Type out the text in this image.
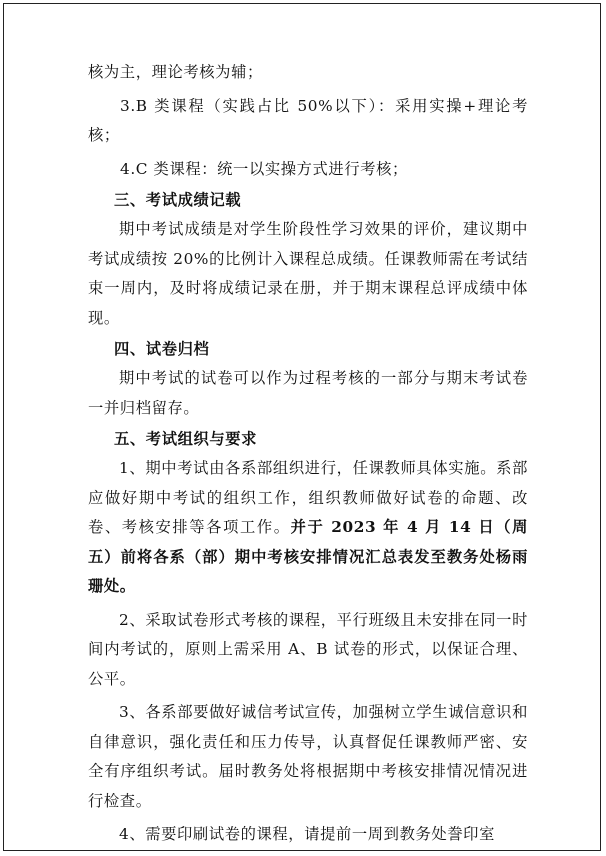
核为主，理论考核为辅；

3.B 类课程（实践占比 50%以下）：采用实操+理论考核；

4.C 类课程：统一以实操方式进行考核；

三、考试成绩记载

期中考试成绩是对学生阶段性学习效果的评价，建议期中考试成绩按 20%的比例计入课程总成绩。任课教师需在考试结束一周内，及时将成绩记录在册，并于期末课程总评成绩中体现。

四、试卷归档

期中考试的试卷可以作为过程考核的一部分与期末考试卷一并归档留存。

五、考试组织与要求

1、期中考试由各系部组织进行，任课教师具体实施。系部应做好期中考试的组织工作，组织教师做好试卷的命题、改卷、考核安排等各项工作。并于 2023 年 4 月 14 日（周五）前将各系（部）期中考核安排情况汇总表发至教务处杨雨珊处。

2、采取试卷形式考核的课程，平行班级且未安排在同一时间内考试的，原则上需采用 A、B 试卷的形式，以保证合理、公平。

3、各系部要做好诚信考试宣传，加强树立学生诚信意识和自律意识，强化责任和压力传导，认真督促任课教师严密、安全有序组织考试。届时教务处将根据期中考核安排情况情况进行检查。

4、需要印刷试卷的课程，请提前一周到教务处誊印室
